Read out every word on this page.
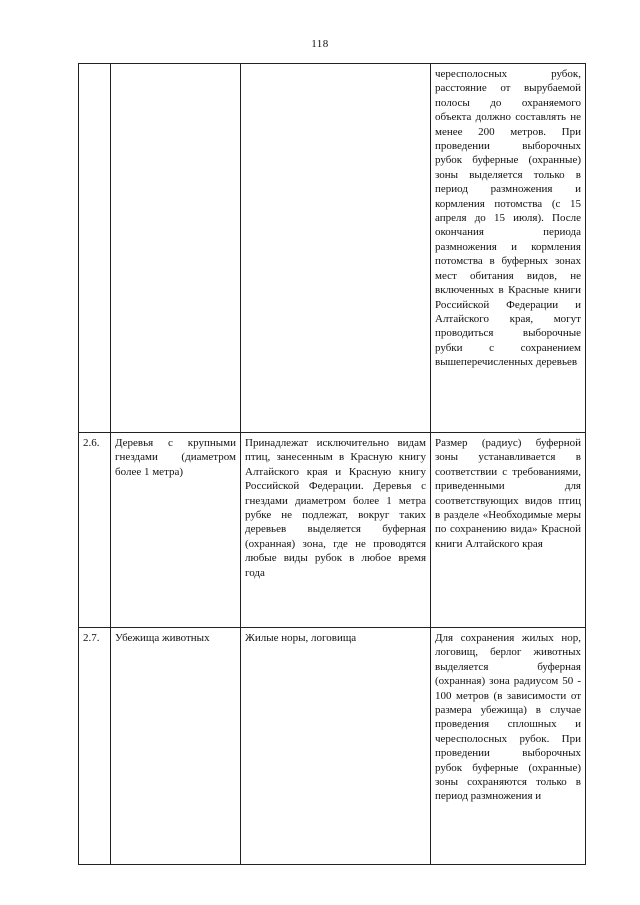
118
			чересполосных рубок, расстояние от вырубаемой полосы до охраняемого объекта должно составлять не менее 200 метров. При проведении выборочных рубок буферные (охранные) зоны выделяется только в период размножения и кормления потомства (с 15 апреля до 15 июля). После окончания периода размножения и кормления потомства в буферных зонах мест обитания видов, не включенных в Красные книги Российской Федерации и Алтайского края, могут проводиться выборочные рубки с сохранением вышеперечисленных деревьев
2.6.	Деревья с крупными гнездами (диаметром более 1 метра)	Принадлежат исключительно видам птиц, занесенным в Красную книгу Алтайского края и Красную книгу Российской Федерации. Деревья с гнездами диаметром более 1 метра рубке не подлежат, вокруг таких деревьев выделяется буферная (охранная) зона, где не проводятся любые виды рубок в любое время года	Размер (радиус) буферной зоны устанавливается в соответствии с требованиями, приведенными для соответствующих видов птиц в разделе «Необходимые меры по сохранению вида» Красной книги Алтайского края
2.7.	Убежища животных	Жилые норы, логовища	Для сохранения жилых нор, логовищ, берлог животных выделяется буферная (охранная) зона радиусом 50 - 100 метров (в зависимости от размера убежища) в случае проведения сплошных и чересполосных рубок. При проведении выборочных рубок буферные (охранные) зоны сохраняются только в период размножения и
